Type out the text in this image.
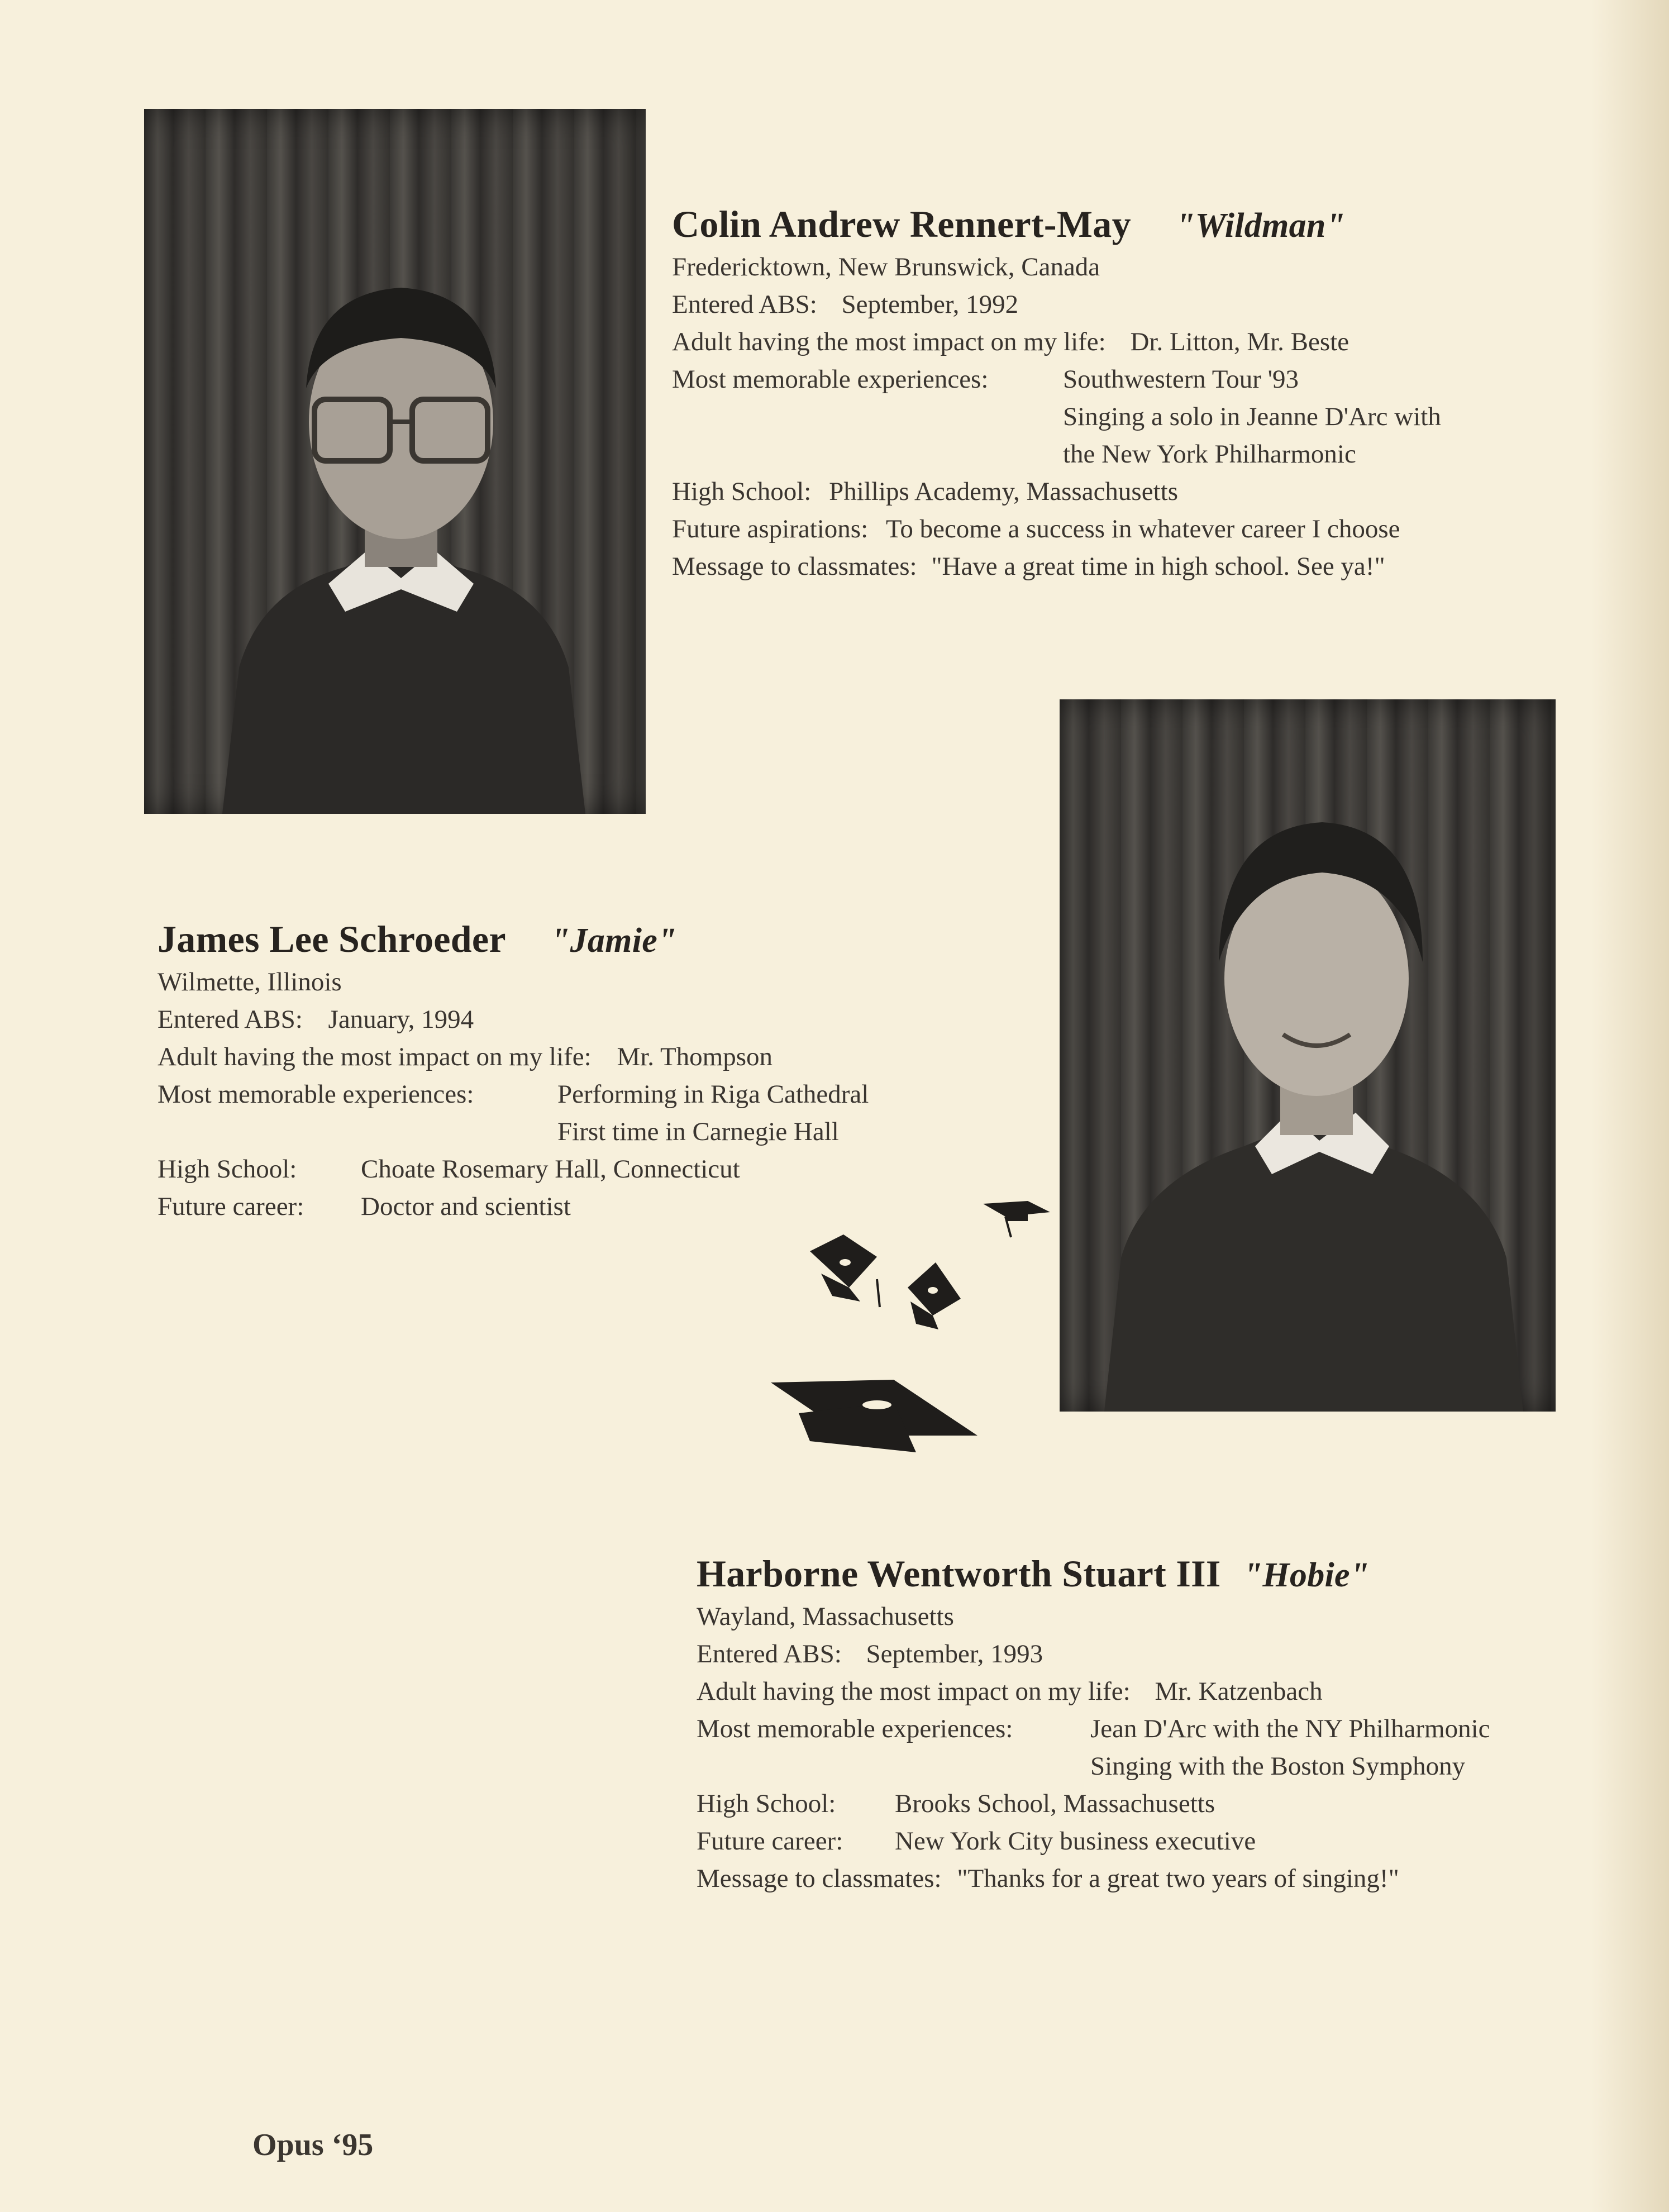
Colin Andrew Rennert-May "Wildman"
Fredericktown, New Brunswick, Canada
Entered ABS: September, 1992
Adult having the most impact on my life: Dr. Litton, Mr. Beste
Most memorable experiences:	Southwestern Tour '93
Singing a solo in Jeanne D'Arc with
the New York Philharmonic
High School: Phillips Academy, Massachusetts
Future aspirations: To become a success in whatever career I choose
Message to classmates: "Have a great time in high school. See ya!"
James Lee Schroeder "Jamie"
Wilmette, Illinois
Entered ABS: January, 1994
Adult having the most impact on my life: Mr. Thompson
Most memorable experiences:	Performing in Riga Cathedral
First time in Carnegie Hall
High School: Choate Rosemary Hall, Connecticut
Future career: Doctor and scientist
Harborne Wentworth Stuart III "Hobie"
Wayland, Massachusetts
Entered ABS: September, 1993
Adult having the most impact on my life: Mr. Katzenbach
Most memorable experiences:	Jean D'Arc with the NY Philharmonic
Singing with the Boston Symphony
High School: Brooks School, Massachusetts
Future career: New York City business executive
Message to classmates: "Thanks for a great two years of singing!"
Opus ‘95
